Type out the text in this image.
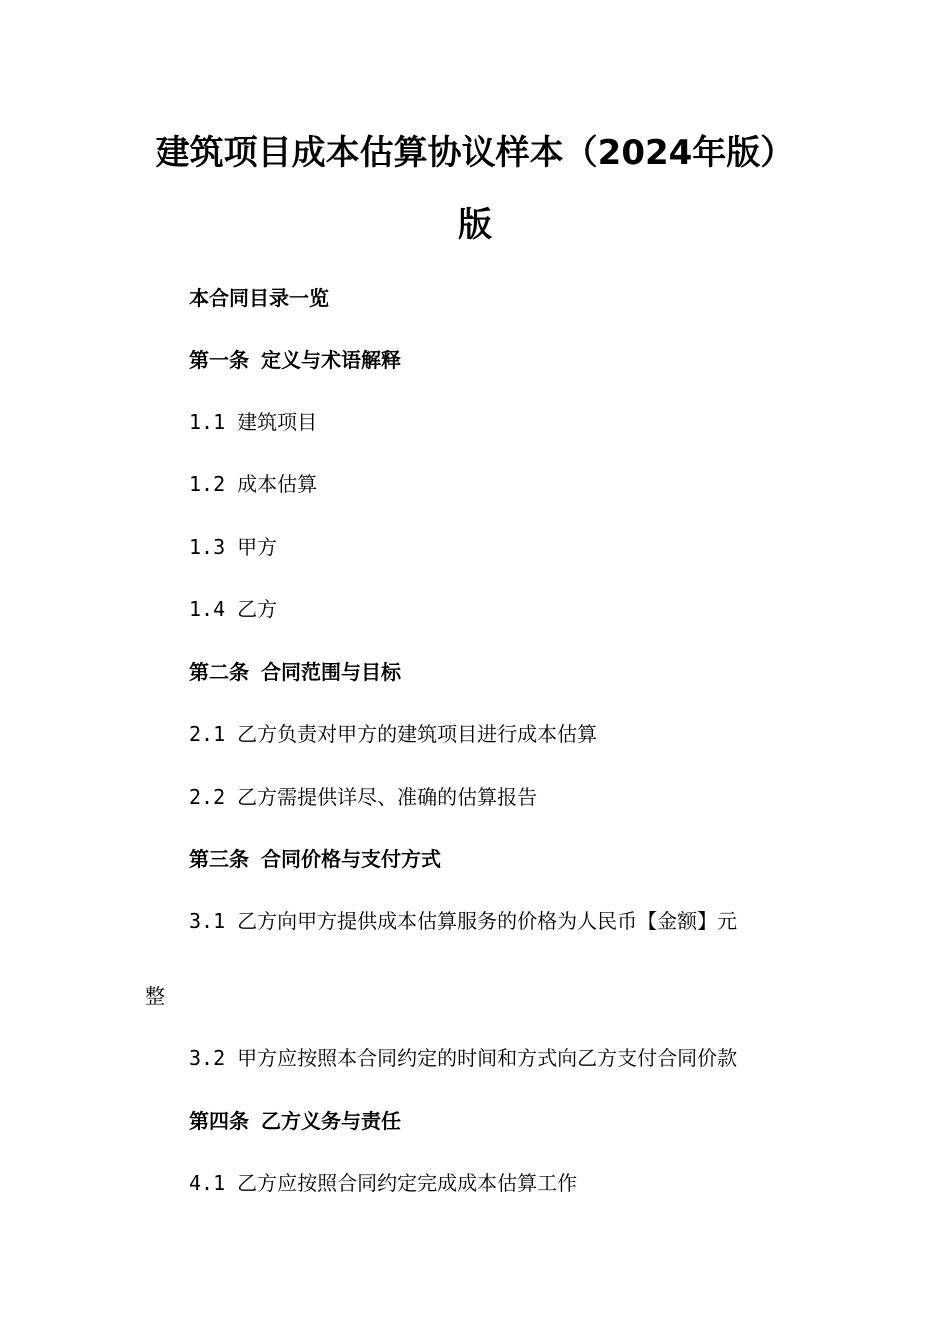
建筑项目成本估算协议样本（2024年版）
版
本合同目录一览
第一条 定义与术语解释
1.1 建筑项目
1.2 成本估算
1.3 甲方
1.4 乙方
第二条 合同范围与目标
2.1 乙方负责对甲方的建筑项目进行成本估算
2.2 乙方需提供详尽、准确的估算报告
第三条 合同价格与支付方式
3.1 乙方向甲方提供成本估算服务的价格为人民币【金额】元
整
3.2 甲方应按照本合同约定的时间和方式向乙方支付合同价款
第四条 乙方义务与责任
4.1 乙方应按照合同约定完成成本估算工作
